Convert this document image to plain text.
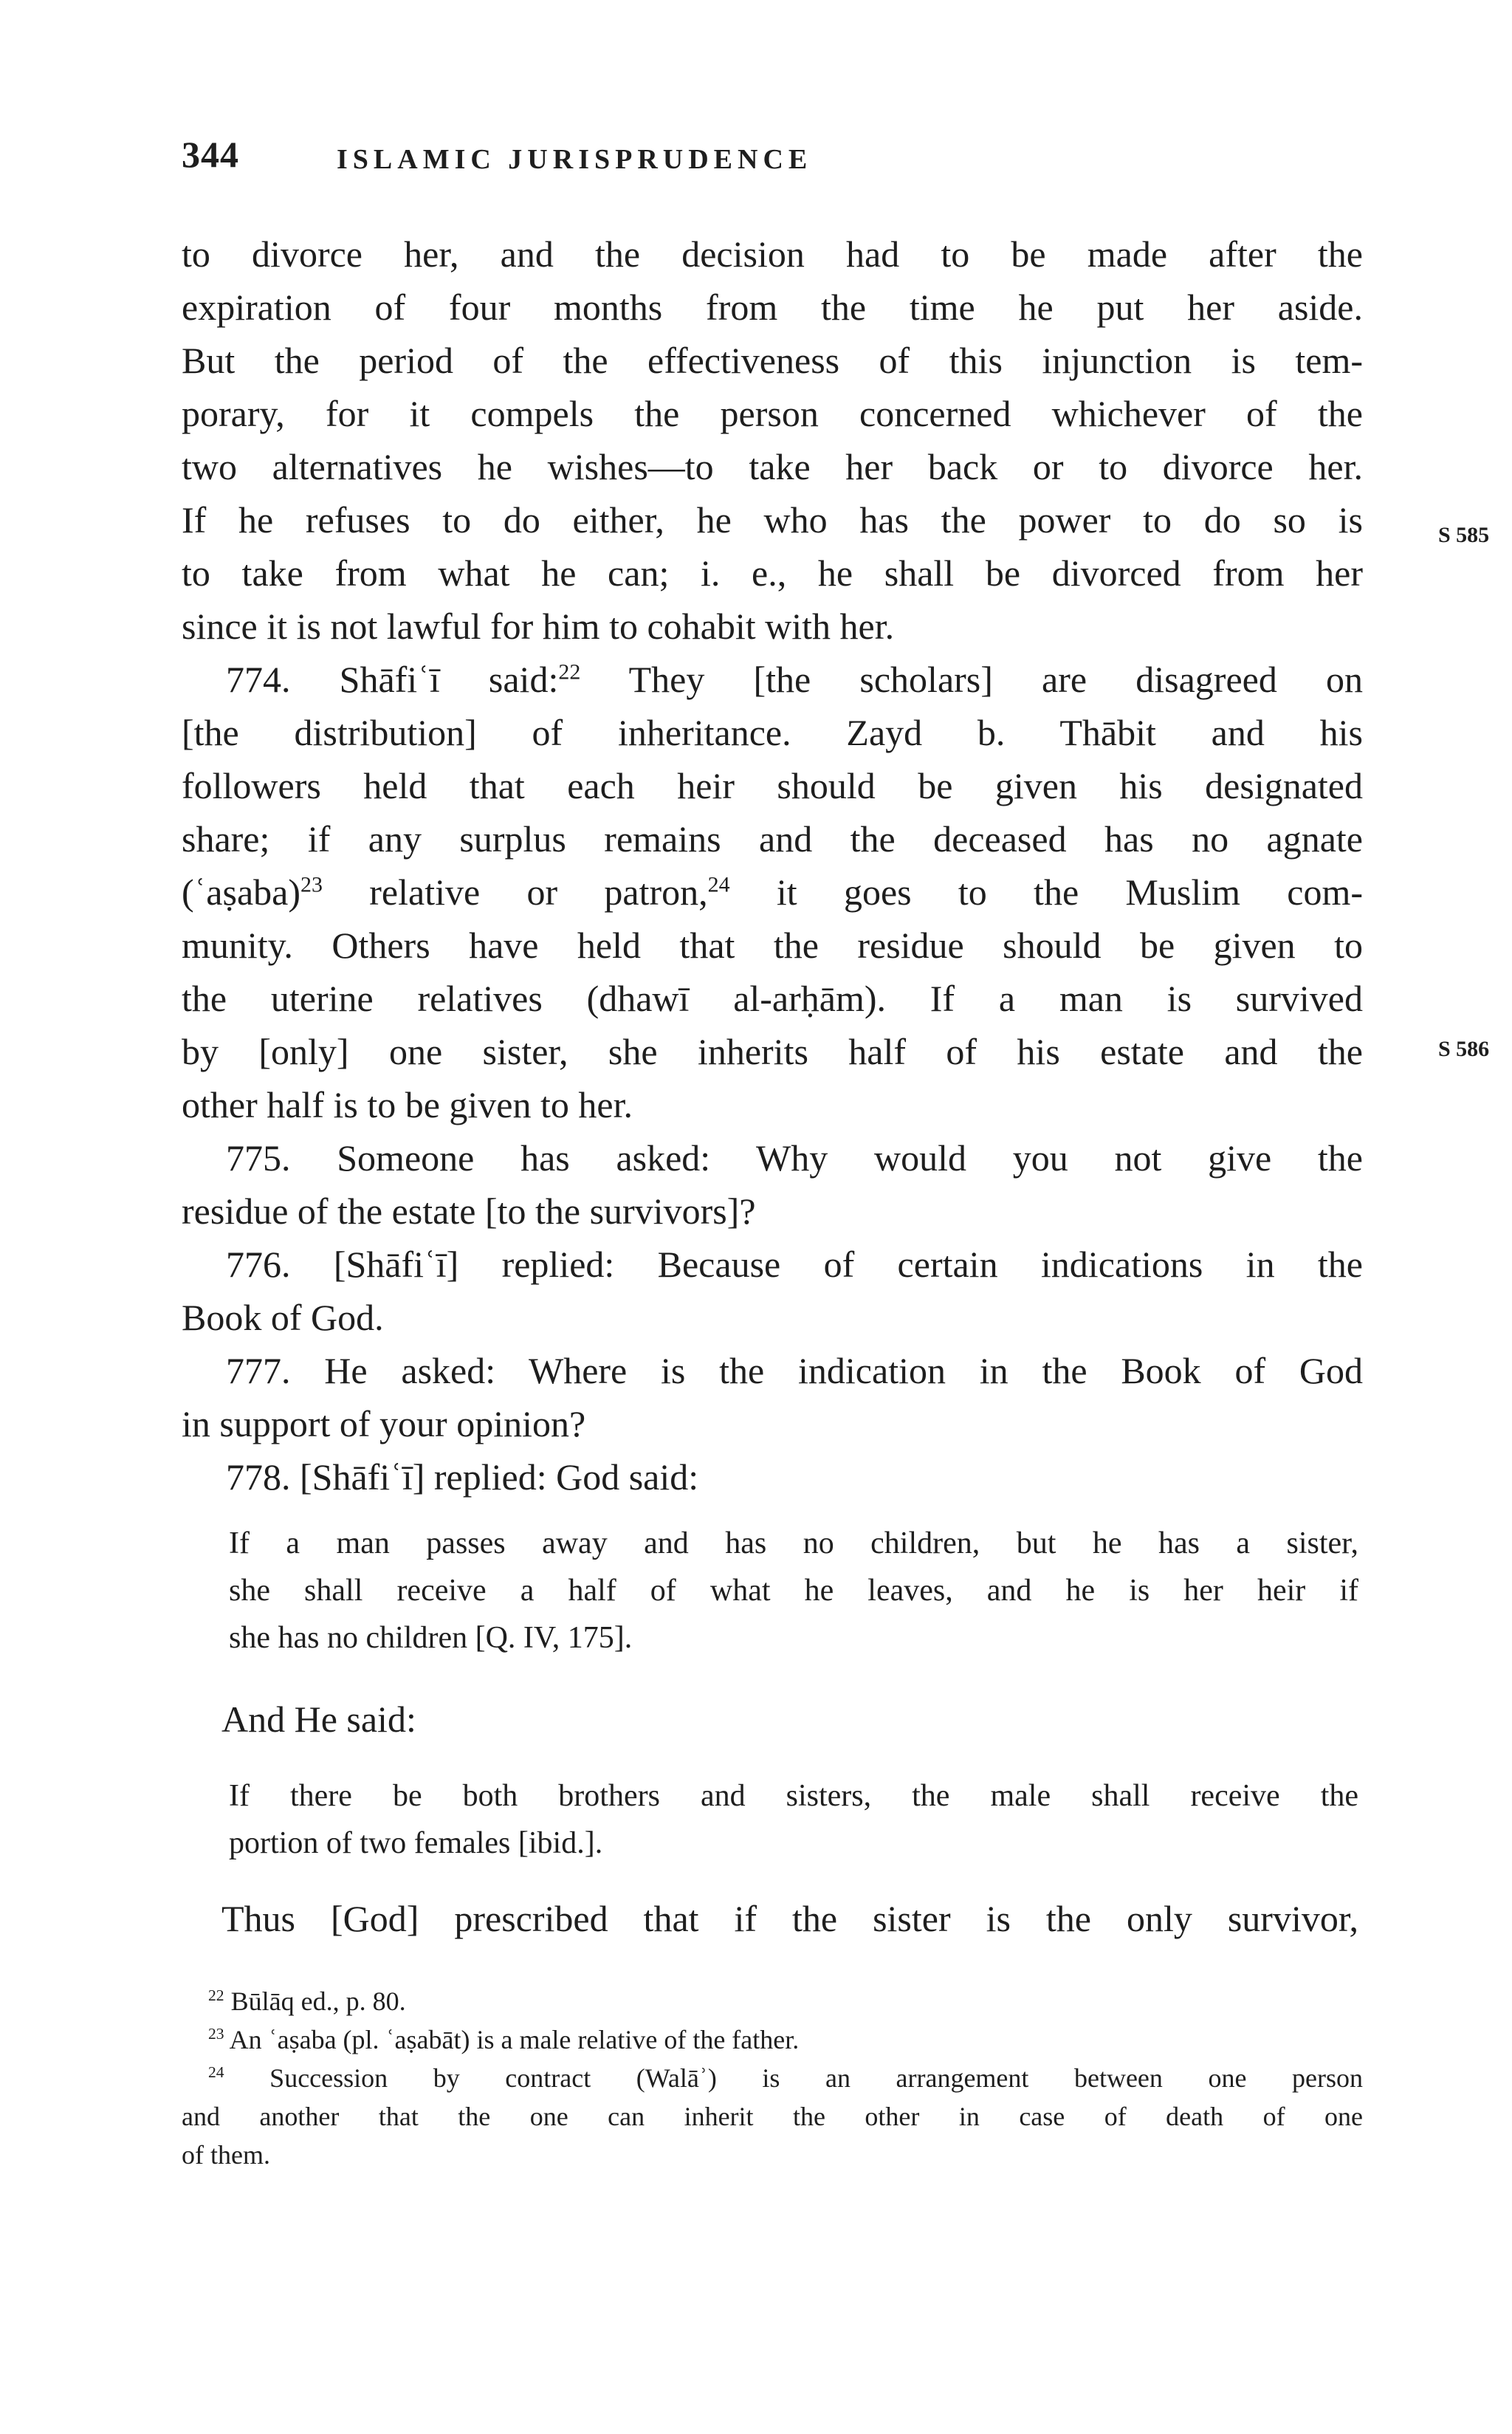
344	ISLAMIC JURISPRUDENCE
to divorce her, and the decision had to be made after the
expiration of four months from the time he put her aside.
But the period of the effectiveness of this injunction is tem-
porary, for it compels the person concerned whichever of the
two alternatives he wishes—to take her back or to divorce her.
If he refuses to do either, he who has the power to do so is
to take from what he can; i. e., he shall be divorced from her
since it is not lawful for him to cohabit with her.
774. Shāfiʿī said:$^{22}$ They [the scholars] are disagreed on
[the distribution] of inheritance. Zayd b. Thābit and his
followers held that each heir should be given his designated
share; if any surplus remains and the deceased has no agnate
(ʿaṣaba)$^{23}$ relative or patron,$^{24}$ it goes to the Muslim com-
munity. Others have held that the residue should be given to
the uterine relatives (dhawī al-arḥām). If a man is survived
by [only] one sister, she inherits half of his estate and the
other half is to be given to her.
775. Someone has asked: Why would you not give the
residue of the estate [to the survivors]?
776. [Shāfiʿī] replied: Because of certain indications in the
Book of God.
777. He asked: Where is the indication in the Book of God
in support of your opinion?
778. [Shāfiʿī] replied: God said:
If a man passes away and has no children, but he has a sister,
she shall receive a half of what he leaves, and he is her heir if
she has no children [Q. IV, 175].
And He said:
If there be both brothers and sisters, the male shall receive the
portion of two females [ibid.].
Thus [God] prescribed that if the sister is the only survivor,
$^{22}$ Būlāq ed., p. 80.
$^{23}$ An ʿaṣaba (pl. ʿaṣabāt) is a male relative of the father.
$^{24}$ Succession by contract (Walāʾ) is an arrangement between one person
and another that the one can inherit the other in case of death of one
of them.
S 585
S 586
